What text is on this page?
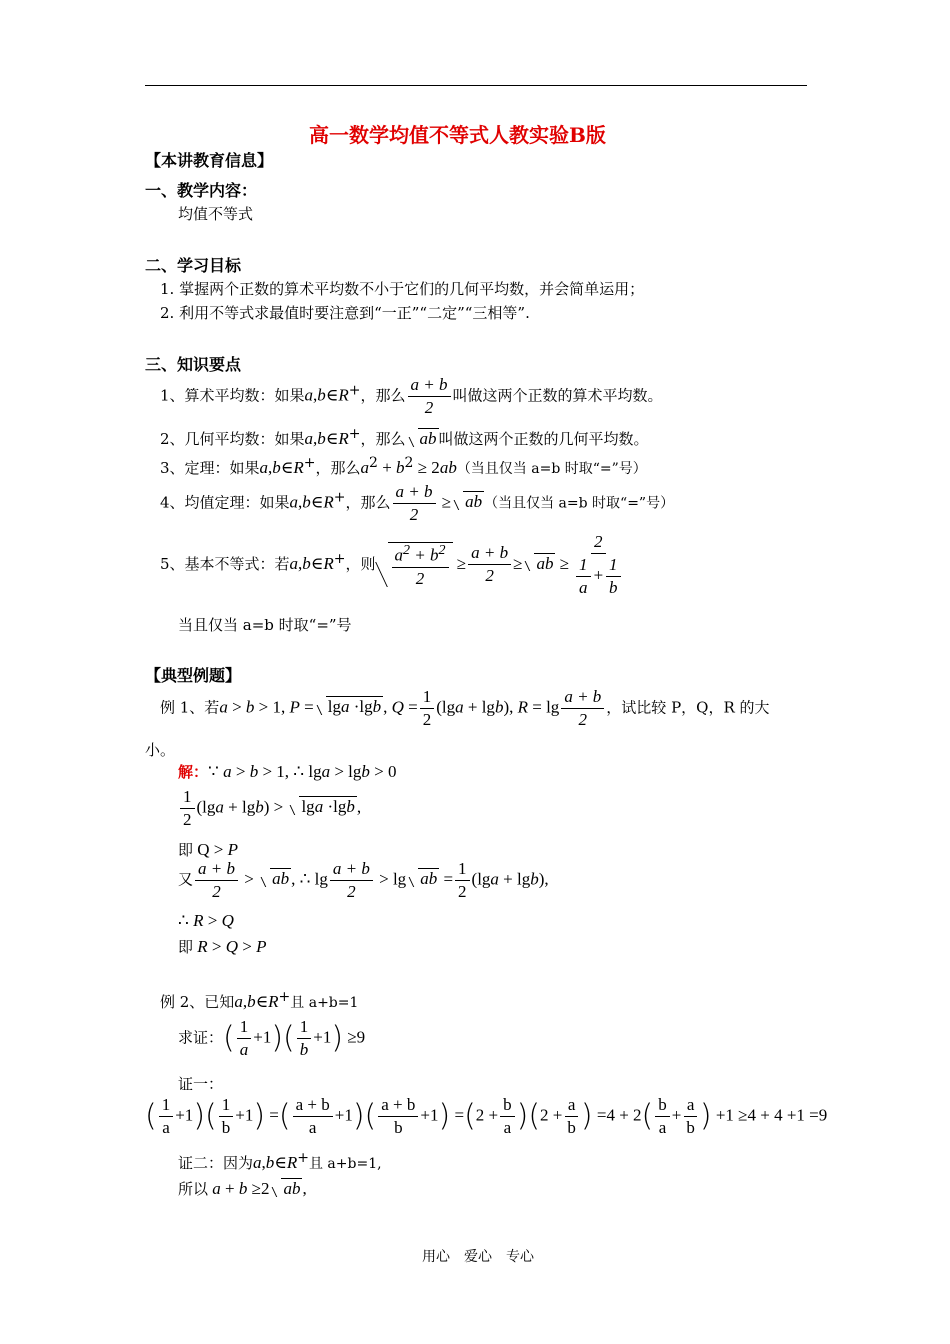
高一数学均值不等式人教实验B版
【本讲教育信息】
一、教学内容：
均值不等式
二、学习目标
1. 掌握两个正数的算术平均数不小于它们的几何平均数，并会简单运用；
2. 利用不等式求最值时要注意到“一正”“二定”“三相等”.
三、知识要点
1、算术平均数：如果a,b∈R+，那么 $\frac{a + b}{2}$ 叫做这两个正数的算术平均数。
2、几何平均数：如果a,b∈R+，那么 ab 叫做这两个正数的几何平均数。
3、定理：如果a,b∈R+，那么$a^2 + b^2 \ge 2ab$（当且仅当 a=b 时取“=”号）
4、均值定理：如果a,b∈R+，那么 $\frac{a + b}{2}$ ≥ ab （当且仅当 a=b 时取“=”号）
5、基本不等式：若a,b∈R+，则 $\frac{a^2 + b^2}{2} \ge \frac{a + b}{2}$ ≥ ab ≥ $\frac{2}{\frac{1}{a} + \frac{1}{b}}$
当且仅当 a=b 时取“=”号
【典型例题】
例 1、若a > b > 1, P = lga ·lgb , $Q = \frac{1}{2} (\lg a + \lg b)$, $R = \lg \frac{a + b}{2}$ ，试比较 P，Q，R 的大
小。
解：∵ a > b > 1, ∴ lga > lgb > 0
$\frac{1}{2} (\lg a + \lg b) > \lg a \cdot\lg b$ ,
即 Q > P
又 $\frac{a + b}{2}$ > ab , ∴ $\lg \frac{a + b}{2} > \lg$ ab = $\frac{1}{2} (\lg a + \lg b)$,
∴ R > Q
即 R > Q > P
例 2、已知a,b∈R+且 a+b=1
求证：( $\frac{1}{a} +1)( \frac{1}{b} +1) \ge 9$
证一：
( $\frac{1}{a} +1)( \frac{1}{b} +1)$ =( $\frac{a + b}{a} +1)( \frac{a + b}{b} +1) =(2 + \frac{b}{a} )(2 + \frac{a}{b}$ ) $=4 + 2( \frac{b}{a} + \frac{a}{b}$ ) +1 ≥4 + 4 +1 =9
证二：因为a,b∈R+且 a+b=1,
所以 a + b ≥2 ab ,
用心　爱心　专心
